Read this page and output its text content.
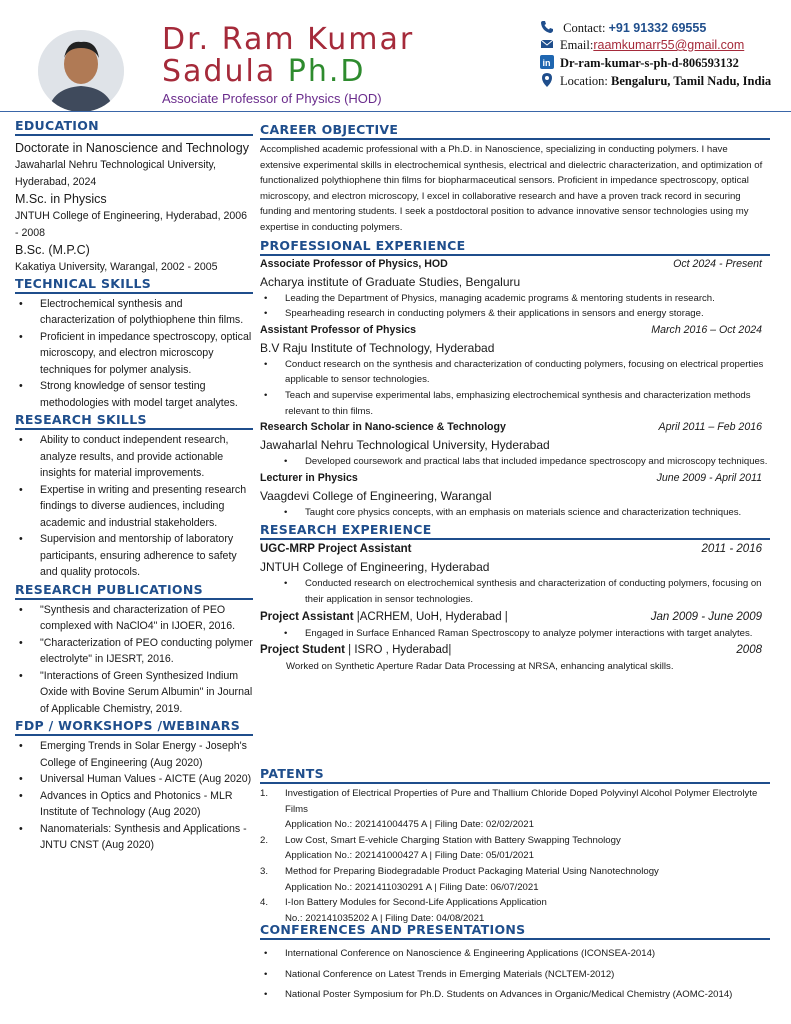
Dr. Ram Kumar
Sadula Ph.D
Associate Professor of Physics (HOD)
Contact: +91 91332 69555
Email:raamkumarr55@gmail.com
in Dr-ram-kumar-s-ph-d-806593132
Location: Bengaluru, Tamil Nadu, India
EDUCATION
Doctorate in Nanoscience and Technology
Jawaharlal Nehru Technological University, Hyderabad, 2024
M.Sc. in Physics
JNTUH College of Engineering, Hyderabad, 2006 - 2008
B.Sc. (M.P.C)
Kakatiya University, Warangal, 2002 - 2005
TECHNICAL SKILLS
• Electrochemical synthesis and characterization of polythiophene thin films.
• Proficient in impedance spectroscopy, optical microscopy, and electron microscopy techniques for polymer analysis.
• Strong knowledge of sensor testing methodologies with model target analytes.
RESEARCH SKILLS
• Ability to conduct independent research, analyze results, and provide actionable insights for material improvements.
• Expertise in writing and presenting research findings to diverse audiences, including academic and industrial stakeholders.
• Supervision and mentorship of laboratory participants, ensuring adherence to safety and quality protocols.
RESEARCH PUBLICATIONS
• "Synthesis and characterization of PEO complexed with NaClO4" in IJOER, 2016.
• "Characterization of PEO conducting polymer electrolyte" in IJESRT, 2016.
• "Interactions of Green Synthesized Indium Oxide with Bovine Serum Albumin" in Journal of Applicable Chemistry, 2019.
FDP / WORKSHOPS /WEBINARS
• Emerging Trends in Solar Energy - Joseph's College of Engineering (Aug 2020)
• Universal Human Values - AICTE (Aug 2020)
• Advances in Optics and Photonics - MLR Institute of Technology (Aug 2020)
• Nanomaterials: Synthesis and Applications - JNTU CNST (Aug 2020)
CAREER OBJECTIVE
Accomplished academic professional with a Ph.D. in Nanoscience, specializing in conducting polymers. I have extensive experimental skills in electrochemical synthesis, electrical and dielectric characterization, and optimization of functionalized polythiophene thin films for biopharmaceutical sensors. Proficient in impedance spectroscopy, optical microscopy, and electron microscopy, I excel in collaborative research and have a proven track record in securing funding and mentoring students. I seek a postdoctoral position to advance innovative sensor technologies using my expertise in conducting polymers.
PROFESSIONAL EXPERIENCE
Associate Professor of Physics, HOD	Oct 2024 - Present
Acharya institute of Graduate Studies, Bengaluru
• Leading the Department of Physics, managing academic programs & mentoring students in research.
• Spearheading research in conducting polymers & their applications in sensors and energy storage.
Assistant Professor of Physics	March 2016 – Oct 2024
B.V Raju Institute of Technology, Hyderabad
• Conduct research on the synthesis and characterization of conducting polymers, focusing on electrical properties applicable to sensor technologies.
• Teach and supervise experimental labs, emphasizing electrochemical synthesis and characterization methods relevant to thin films.
Research Scholar in Nano-science & Technology	April 2011 – Feb 2016
Jawaharlal Nehru Technological University, Hyderabad
• Developed coursework and practical labs that included impedance spectroscopy and microscopy techniques.
Lecturer in Physics	June 2009 - April 2011
Vaagdevi College of Engineering, Warangal
• Taught core physics concepts, with an emphasis on materials science and characterization techniques.
RESEARCH EXPERIENCE
UGC-MRP Project Assistant	2011 - 2016
JNTUH College of Engineering, Hyderabad
• Conducted research on electrochemical synthesis and characterization of conducting polymers, focusing on their application in sensor technologies.
Project Assistant |ACRHEM, UoH, Hyderabad |	Jan 2009 - June 2009
• Engaged in Surface Enhanced Raman Spectroscopy to analyze polymer interactions with target analytes.
Project Student | ISRO , Hyderabad|	2008
Worked on Synthetic Aperture Radar Data Processing at NRSA, enhancing analytical skills.
PATENTS
1. Investigation of Electrical Properties of Pure and Thallium Chloride Doped Polyvinyl Alcohol Polymer Electrolyte Films
Application No.: 202141004475 A | Filing Date: 02/02/2021
2. Low Cost, Smart E-vehicle Charging Station with Battery Swapping Technology
Application No.: 202141000427 A | Filing Date: 05/01/2021
3. Method for Preparing Biodegradable Product Packaging Material Using Nanotechnology
Application No.: 2021411030291 A | Filing Date: 06/07/2021
4. I-Ion Battery Modules for Second-Life Applications Application
No.: 202141035202 A | Filing Date: 04/08/2021
CONFERENCES AND PRESENTATIONS
• International Conference on Nanoscience & Engineering Applications (ICONSEA-2014)
• National Conference on Latest Trends in Emerging Materials (NCLTEM-2012)
• National Poster Symposium for Ph.D. Students on Advances in Organic/Medical Chemistry (AOMC-2014)
